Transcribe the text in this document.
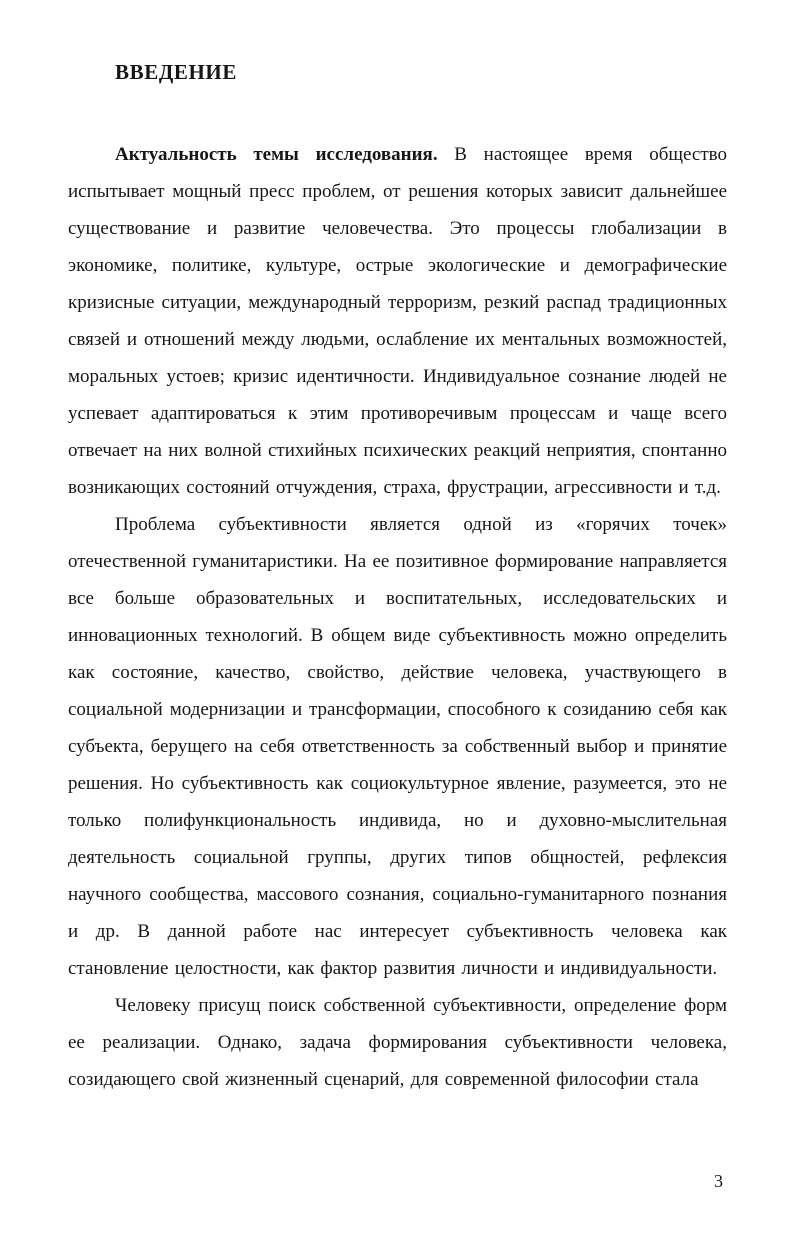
ВВЕДЕНИЕ

Актуальность темы исследования. В настоящее время общество испытывает мощный пресс проблем, от решения которых зависит дальнейшее существование и развитие человечества. Это процессы глобализации в экономике, политике, культуре, острые экологические и демографические кризисные ситуации, международный терроризм, резкий распад традиционных связей и отношений между людьми, ослабление их ментальных возможностей, моральных устоев; кризис идентичности. Индивидуальное сознание людей не успевает адаптироваться к этим противоречивым процессам и чаще всего отвечает на них волной стихийных психических реакций неприятия, спонтанно возникающих состояний отчуждения, страха, фрустрации, агрессивности и т.д.

Проблема субъективности является одной из «горячих точек» отечественной гуманитаристики. На ее позитивное формирование направляется все больше образовательных и воспитательных, исследовательских и инновационных технологий. В общем виде субъективность можно определить как состояние, качество, свойство, действие человека, участвующего в социальной модернизации и трансформации, способного к созиданию себя как субъекта, берущего на себя ответственность за собственный выбор и принятие решения. Но субъективность как социокультурное явление, разумеется, это не только полифункциональность индивида, но и духовно-мыслительная деятельность социальной группы, других типов общностей, рефлексия научного сообщества, массового сознания, социально-гуманитарного познания и др. В данной работе нас интересует субъективность человека как становление целостности, как фактор развития личности и индивидуальности.

Человеку присущ поиск собственной субъективности, определение форм ее реализации. Однако, задача формирования субъективности человека, созидающего свой жизненный сценарий, для современной философии стала

3
